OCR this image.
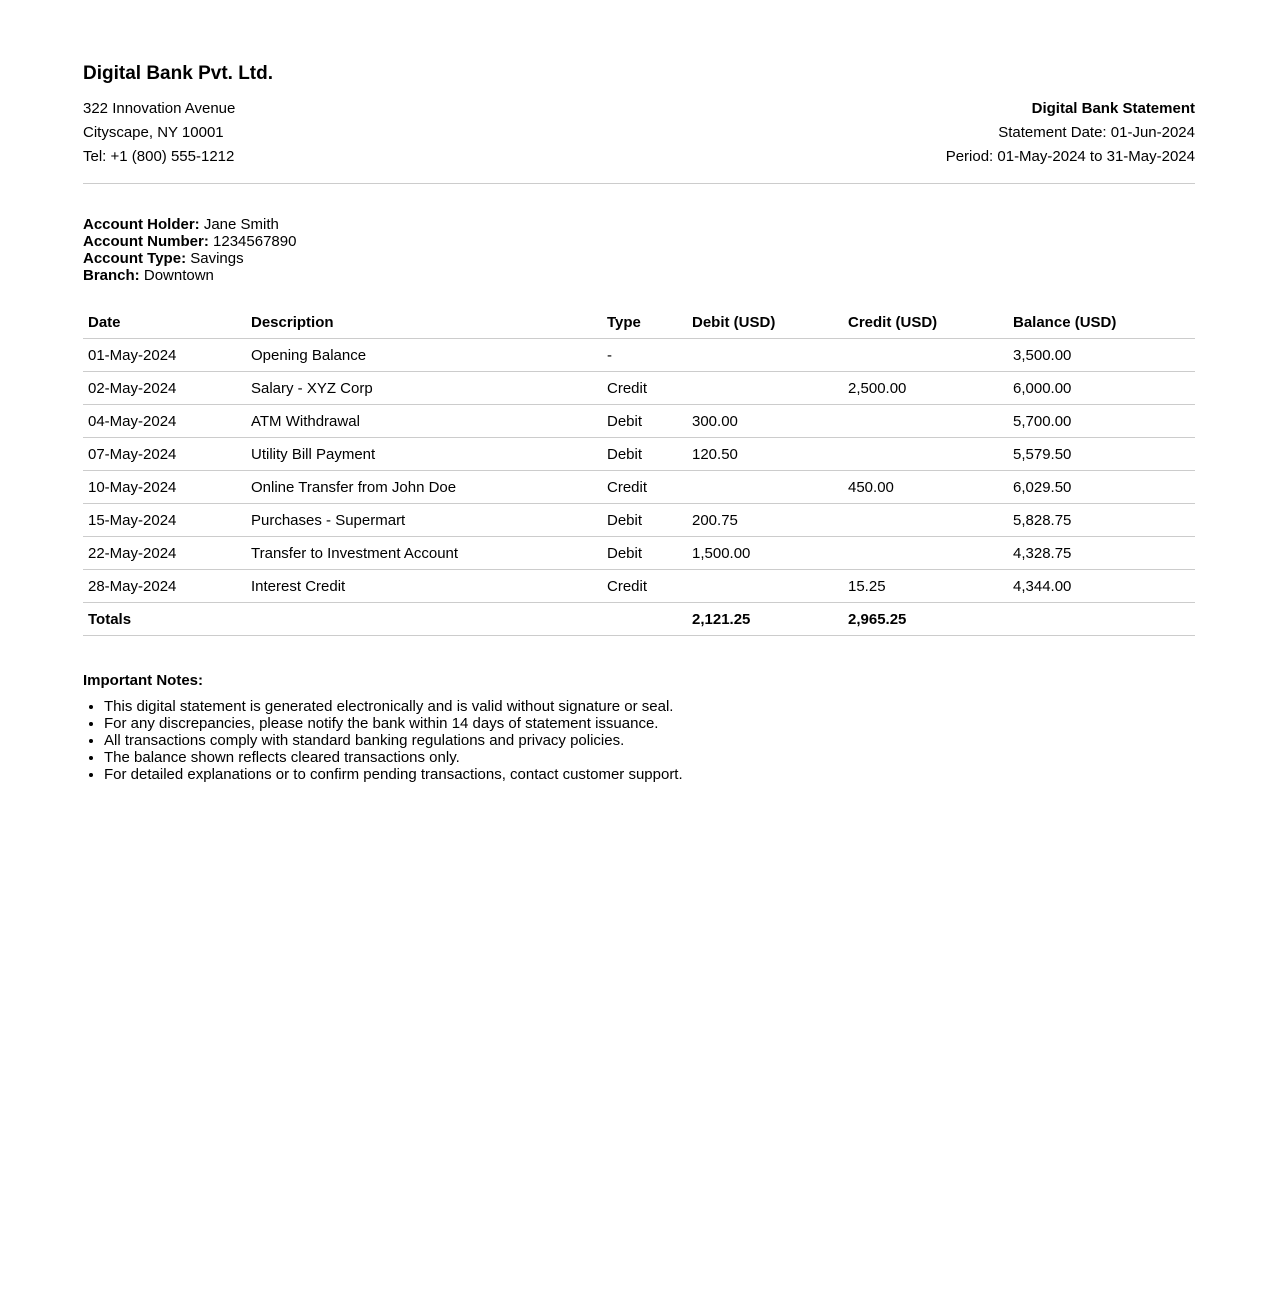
Digital Bank Pvt. Ltd.
322 Innovation Avenue
Cityscape, NY 10001
Tel: +1 (800) 555-1212
Digital Bank Statement
Statement Date: 01-Jun-2024
Period: 01-May-2024 to 31-May-2024

Account Holder: Jane Smith

Account Number: 1234567890

Account Type: Savings

Branch: Downtown

Date	Description	Type	Debit (USD)	Credit (USD)	Balance (USD)
01-May-2024	Opening Balance	-			3,500.00
02-May-2024	Salary - XYZ Corp	Credit		2,500.00	6,000.00
04-May-2024	ATM Withdrawal	Debit	300.00		5,700.00
07-May-2024	Utility Bill Payment	Debit	120.50		5,579.50
10-May-2024	Online Transfer from John Doe	Credit		450.00	6,029.50
15-May-2024	Purchases - Supermart	Debit	200.75		5,828.75
22-May-2024	Transfer to Investment Account	Debit	1,500.00		4,328.75
28-May-2024	Interest Credit	Credit		15.25	4,344.00
Totals			2,121.25	2,965.25	

Important Notes:

• This digital statement is generated electronically and is valid without signature or seal.
• For any discrepancies, please notify the bank within 14 days of statement issuance.
• All transactions comply with standard banking regulations and privacy policies.
• The balance shown reflects cleared transactions only.
• For detailed explanations or to confirm pending transactions, contact customer support.
